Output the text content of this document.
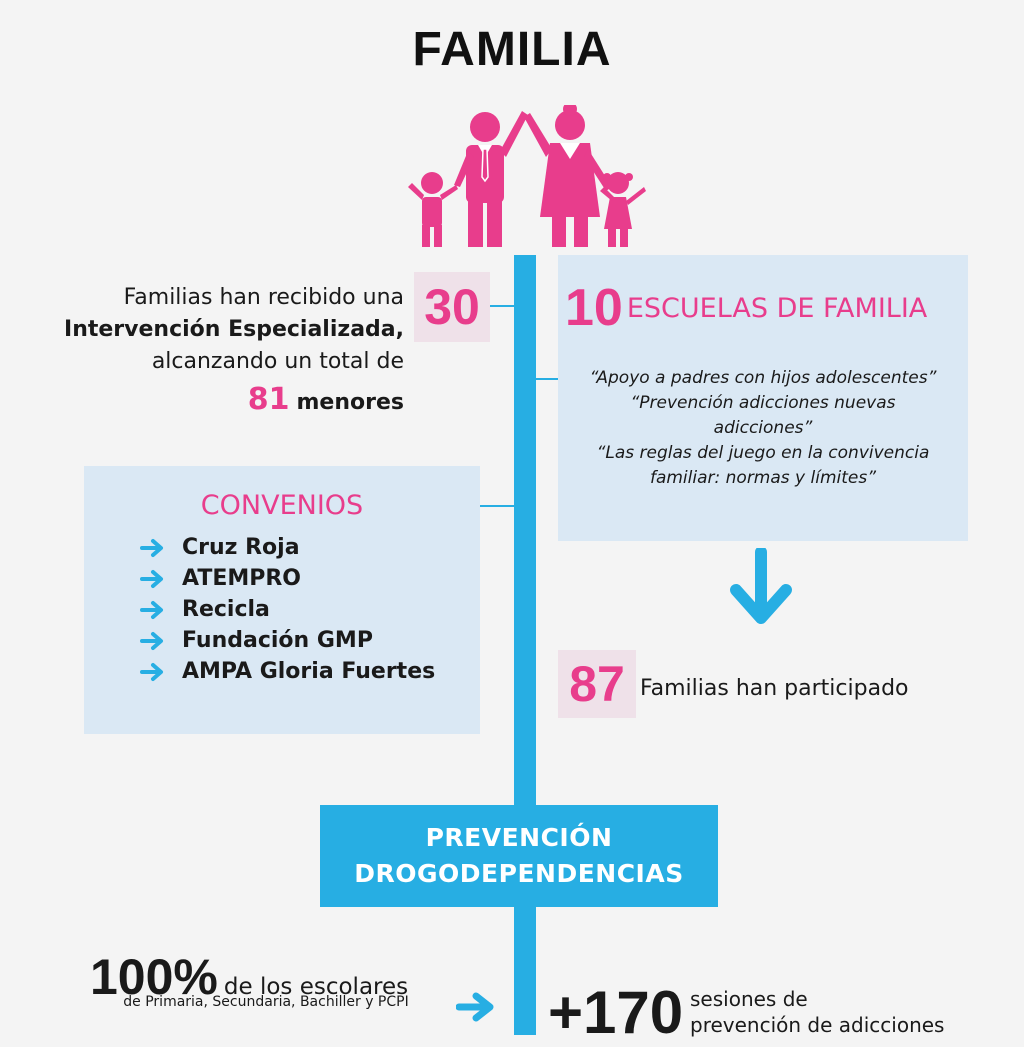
FAMILIA
Familias han recibido una
Intervención Especializada,
alcanzando un total de
81 menores
30 10 ESCUELAS DE FAMILIA
“Apoyo a padres con hijos adolescentes”
“Prevención adicciones nuevas
adicciones”
“Las reglas del juego en la convivencia
familiar: normas y límites”
87 Familias han participado
CONVENIOS
Cruz Roja
ATEMPRO
Recicla
Fundación GMP
AMPA Gloria Fuertes
PREVENCIÓN
DROGODEPENDENCIAS
100% de los escolares
de Primaria, Secundaria, Bachiller y PCPI	+170 sesiones de
prevención de adicciones
